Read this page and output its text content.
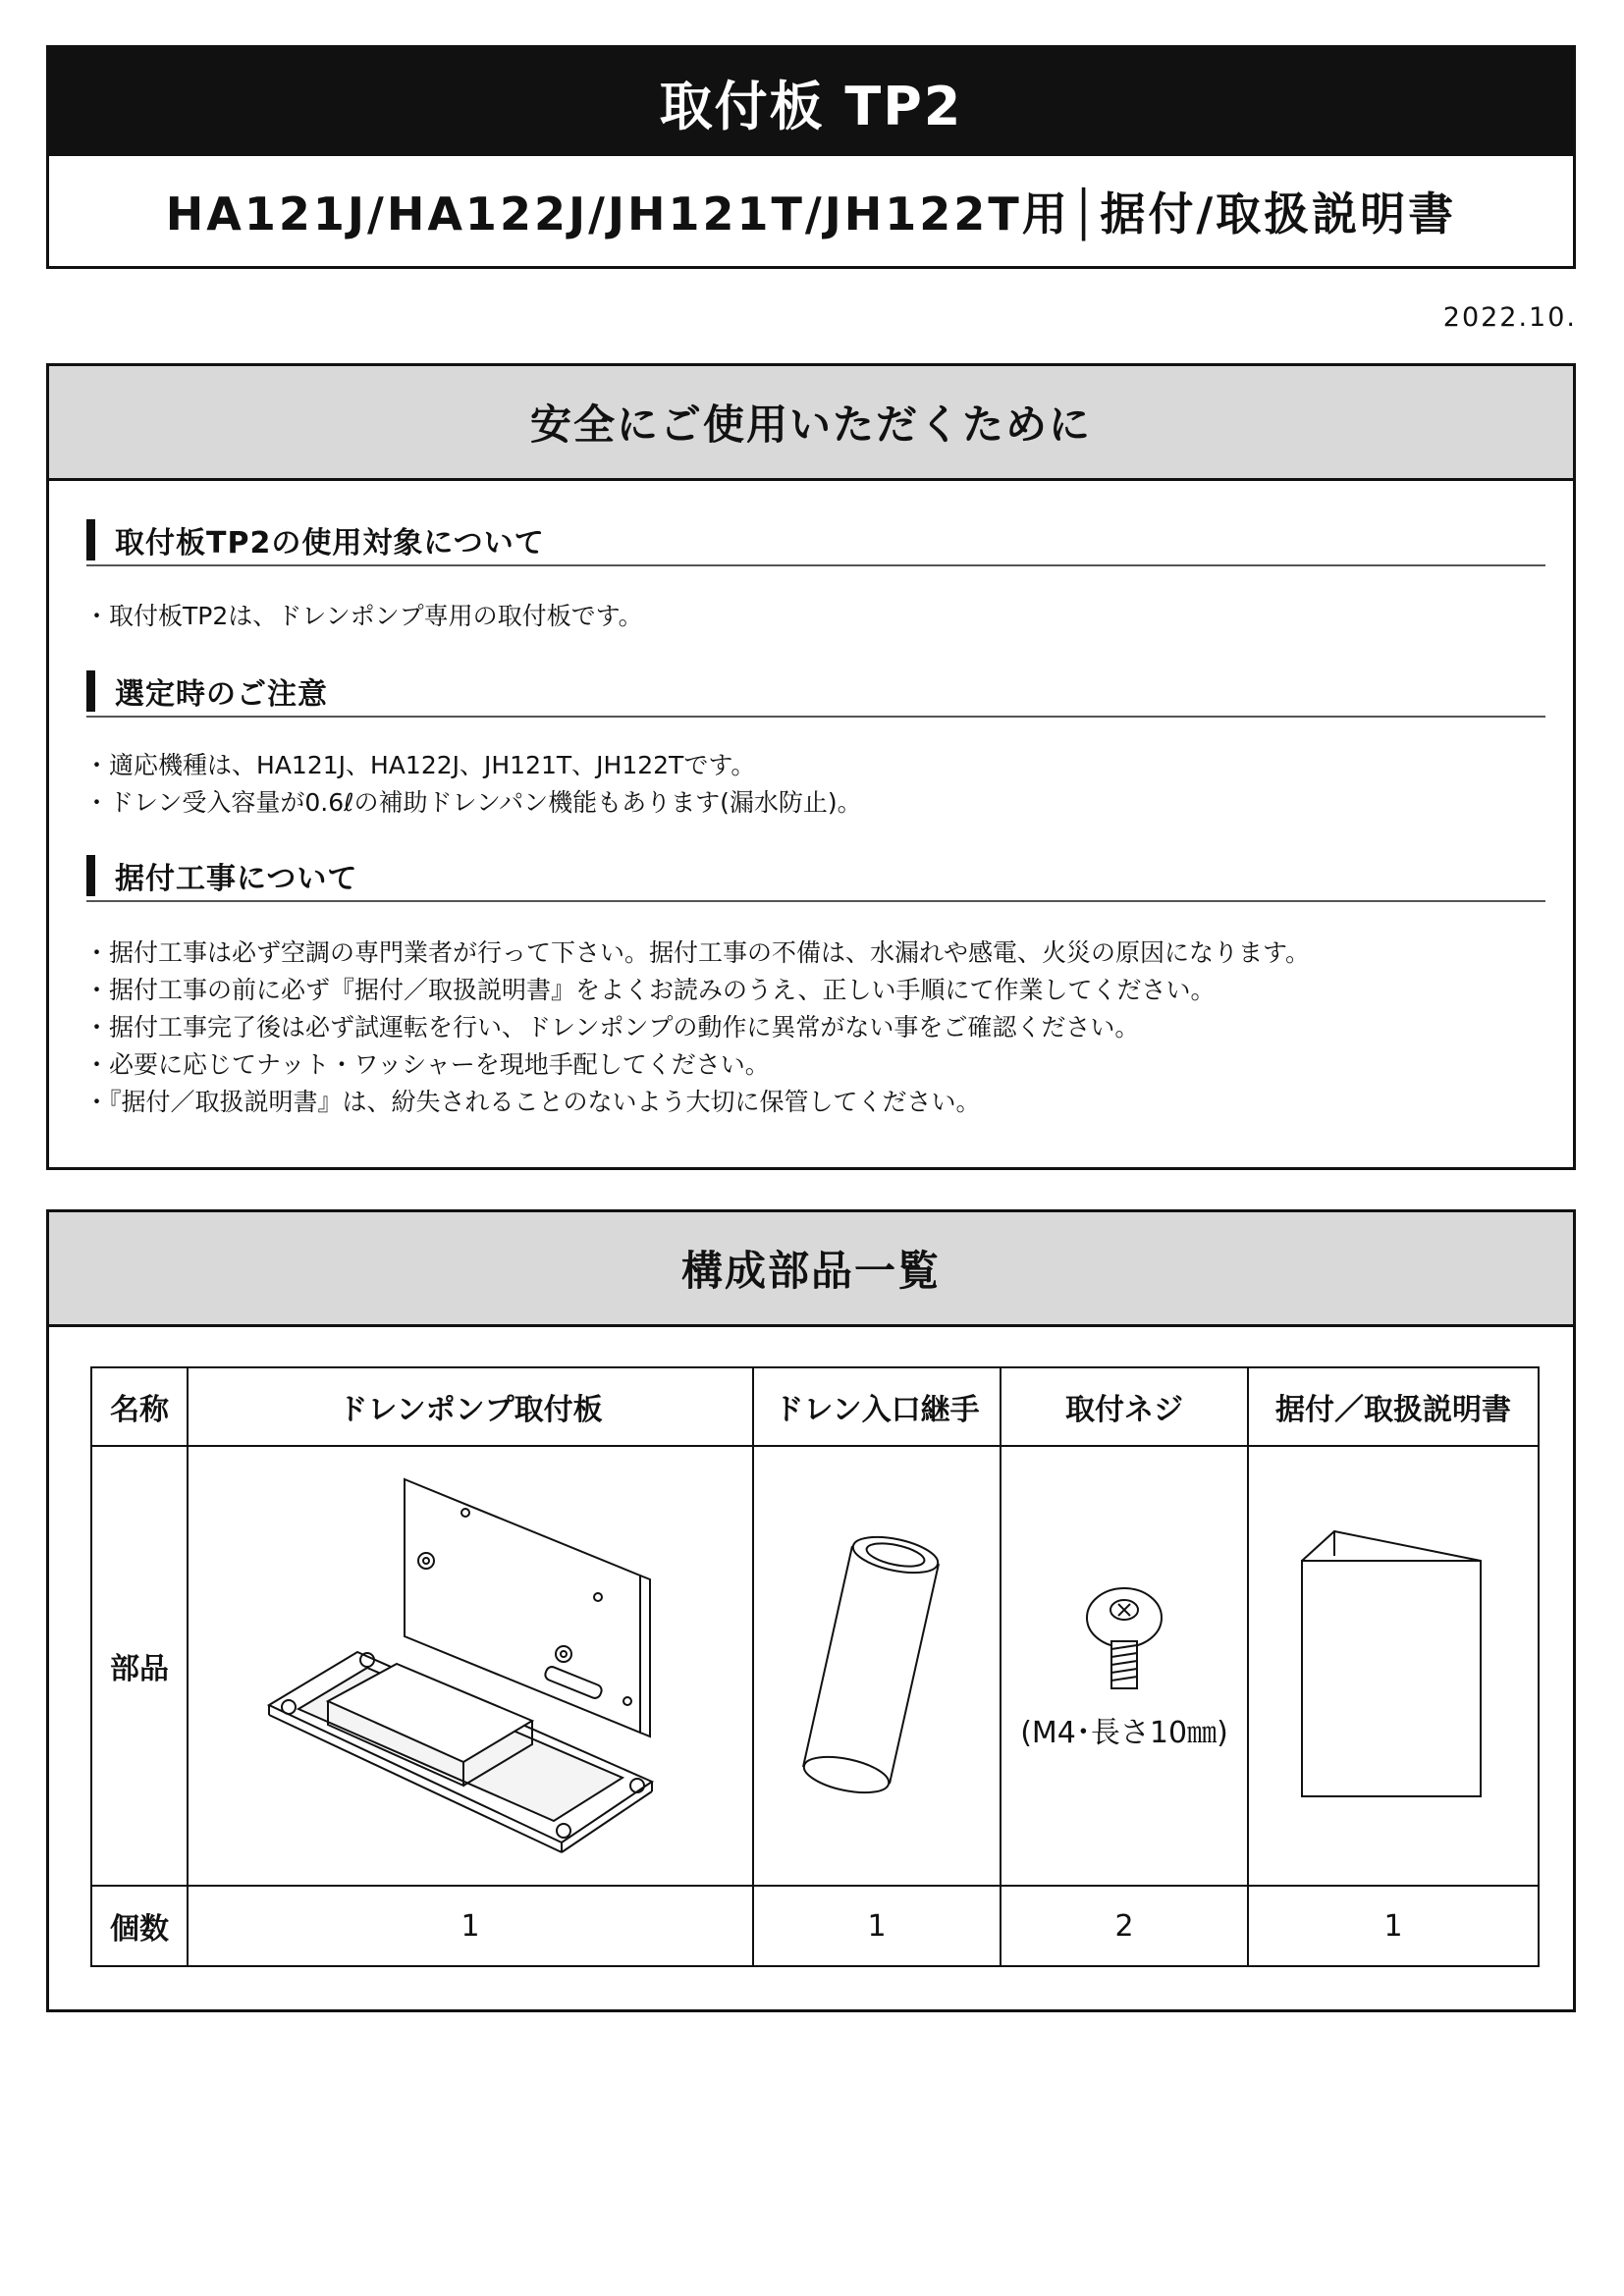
取付板 TP2
HA121J/HA122J/JH121T/JH122T用│据付/取扱説明書
2022.10.
安全にご使用いただくために
取付板TP2の使用対象について
・ 取付板TP2は、ドレンポンプ専用の取付板です。
選定時のご注意
・ 適応機種は、HA121J、HA122J、JH121T、JH122Tです。
・ ドレン受入容量が0.6ℓの補助ドレンパン機能もあります(漏水防止)。
据付工事について
・ 据付工事は必ず空調の専門業者が行って下さい。据付工事の不備は、水漏れや感電、火災の原因になります。
・ 据付工事の前に必ず『据付／取扱説明書』をよくお読みのうえ、正しい手順にて作業してください。
・ 据付工事完了後は必ず試運転を行い、ドレンポンプの動作に異常がない事をご確認ください。
・ 必要に応じてナット・ワッシャーを現地手配してください。
・ 『据付／取扱説明書』は、紛失されることのないよう大切に保管してください。
構成部品一覧
名称	ドレンポンプ取付板	ドレン入口継手	取付ネジ	据付／取扱説明書
部品			(M4･長さ10㎜)

個数	1	1	2	1
